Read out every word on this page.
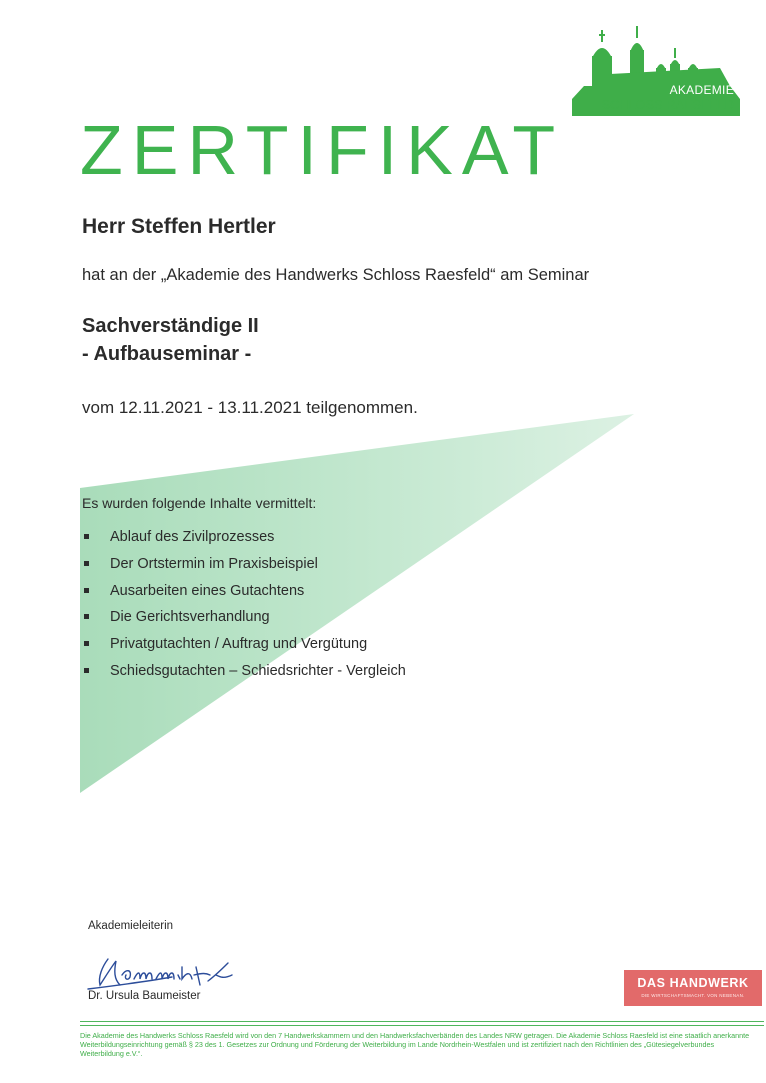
AKADEMIE
SCHLOSS RAESFELD
ZERTIFIKAT
Herr Steffen Hertler
hat an der „Akademie des Handwerks Schloss Raesfeld“ am Seminar
Sachverständige II
- Aufbauseminar -
vom 12.11.2021 - 13.11.2021 teilgenommen.
Es wurden folgende Inhalte vermittelt:
Ablauf des Zivilprozesses
Der Ortstermin im Praxisbeispiel
Ausarbeiten eines Gutachtens
Die Gerichtsverhandlung
Privatgutachten / Auftrag und Vergütung
Schiedsgutachten – Schiedsrichter - Vergleich
Akademieleiterin
Dr. Ursula Baumeister
DAS HANDWERK
DIE WIRTSCHAFTSMACHT. VON NEBENAN.
Die Akademie des Handwerks Schloss Raesfeld wird von den 7 Handwerkskammern und den Handwerksfachverbänden des Landes NRW getragen. Die Akademie Schloss Raesfeld ist eine staatlich anerkannte Weiterbildungseinrichtung gemäß § 23 des 1. Gesetzes zur Ordnung und Förderung der Weiterbildung im Lande Nordrhein-Westfalen und ist zertifiziert nach den Richtlinien des „Gütesiegelverbundes Weiterbildung e.V.“.
